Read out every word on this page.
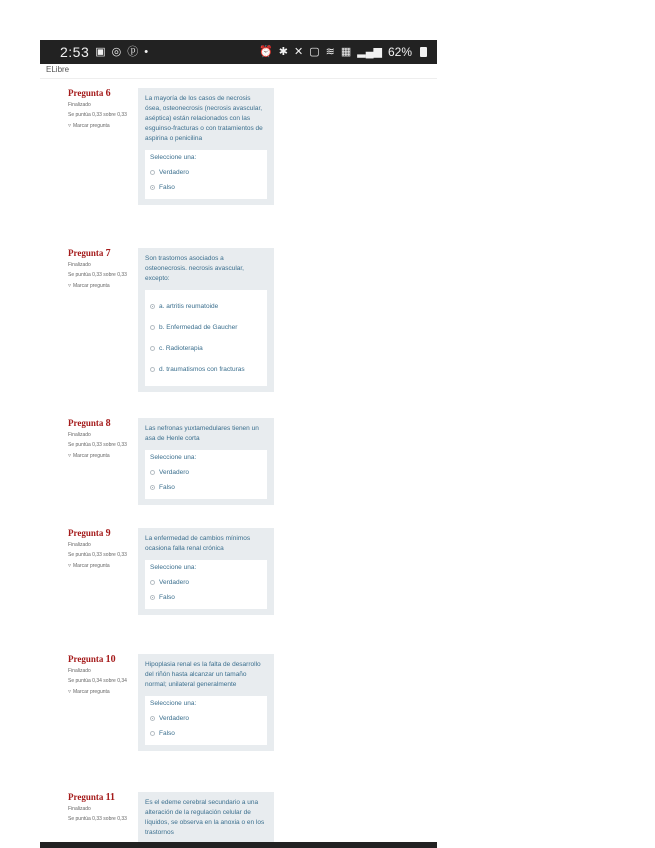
2:53 ▣ ◎ ⓟ •	⏰ ✱ ✕ ▢ ≋ ▦ ▂▄▆ 62%
ELibre
Pregunta 6
Finalizado
Se puntúa 0,33 sobre 0,33
▿ Marcar pregunta
La mayoría de los casos de necrosis ósea, osteonecrosis (necrosis avascular, aséptica) están relacionados con las esguinso-fracturas o con tratamientos de aspirina o penicilina
Seleccione una:
Verdadero
Falso
Pregunta 7
Finalizado
Se puntúa 0,33 sobre 0,33
▿ Marcar pregunta
Son trastornos asociados a osteonecrosis. necrosis avascular, excepto:
a. artritis reumatoide
b. Enfermedad de Gaucher
c. Radioterapia
d. traumatismos con fracturas
Pregunta 8
Finalizado
Se puntúa 0,33 sobre 0,33
▿ Marcar pregunta
Las nefronas yuxtamedulares tienen un asa de Henle corta
Seleccione una:
Verdadero
Falso
Pregunta 9
Finalizado
Se puntúa 0,33 sobre 0,33
▿ Marcar pregunta
La enfermedad de cambios mínimos ocasiona falla renal crónica
Seleccione una:
Verdadero
Falso
Pregunta 10
Finalizado
Se puntúa 0,34 sobre 0,34
▿ Marcar pregunta
Hipoplasia renal es la falta de desarrollo del riñón hasta alcanzar un tamaño normal; unilateral generalmente
Seleccione una:
Verdadero
Falso
Pregunta 11
Finalizado
Se puntúa 0,33 sobre 0,33
Es el edeme cerebral secundario a una alteración de la regulación celular de líquidos, se observa en la anoxia o en los trastornos
